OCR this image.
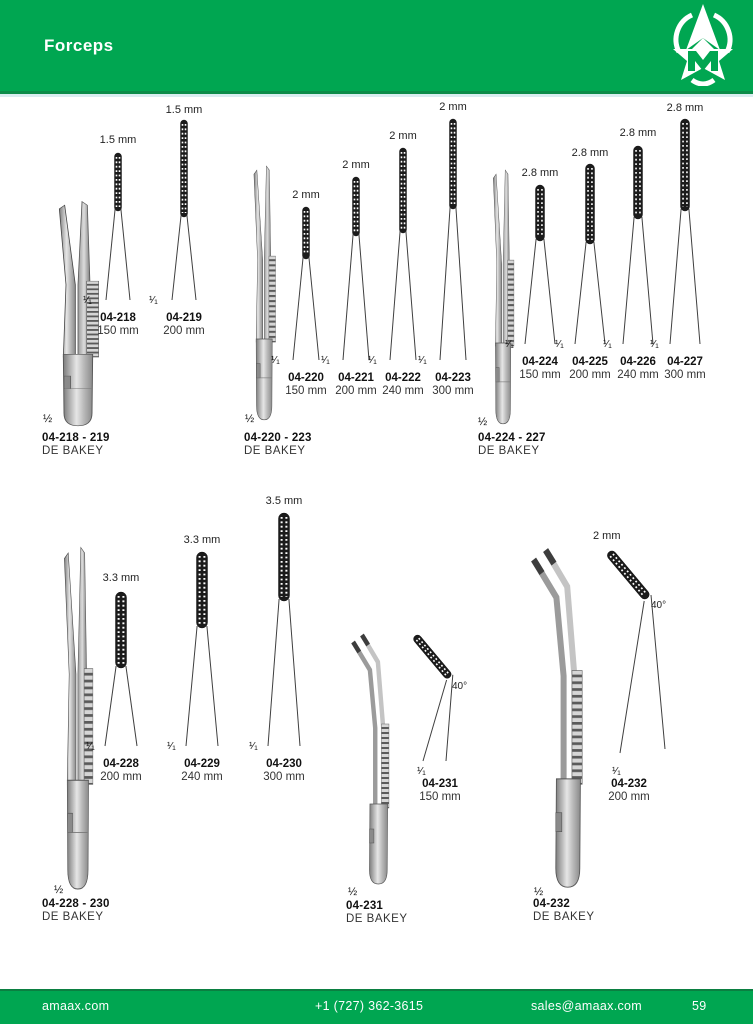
Forceps
½
04-218 - 219
DE BAKEY
1.5 mm
¹⁄₁
04-218
150 mm
1.5 mm
¹⁄₁
04-219
200 mm
½
04-220 - 223
DE BAKEY
2 mm
¹⁄₁
04-220
150 mm
2 mm
¹⁄₁
04-221
200 mm
2 mm
¹⁄₁
04-222
240 mm
2 mm
¹⁄₁
04-223
300 mm
½
04-224 - 227
DE BAKEY
2.8 mm
¹⁄₁
04-224
150 mm
2.8 mm
¹⁄₁
04-225
200 mm
2.8 mm
¹⁄₁
04-226
240 mm
2.8 mm
¹⁄₁
04-227
300 mm
½
04-228 - 230
DE BAKEY
3.3 mm
¹⁄₁
04-228
200 mm
3.3 mm
¹⁄₁
04-229
240 mm
3.5 mm
¹⁄₁
04-230
300 mm
½
04-231
DE BAKEY
40°
¹⁄₁
04-231
150 mm
½
04-232
DE BAKEY
2 mm
40°
¹⁄₁
04-232
200 mm
amaax.com	+1 (727) 362-3615	sales@amaax.com	59
